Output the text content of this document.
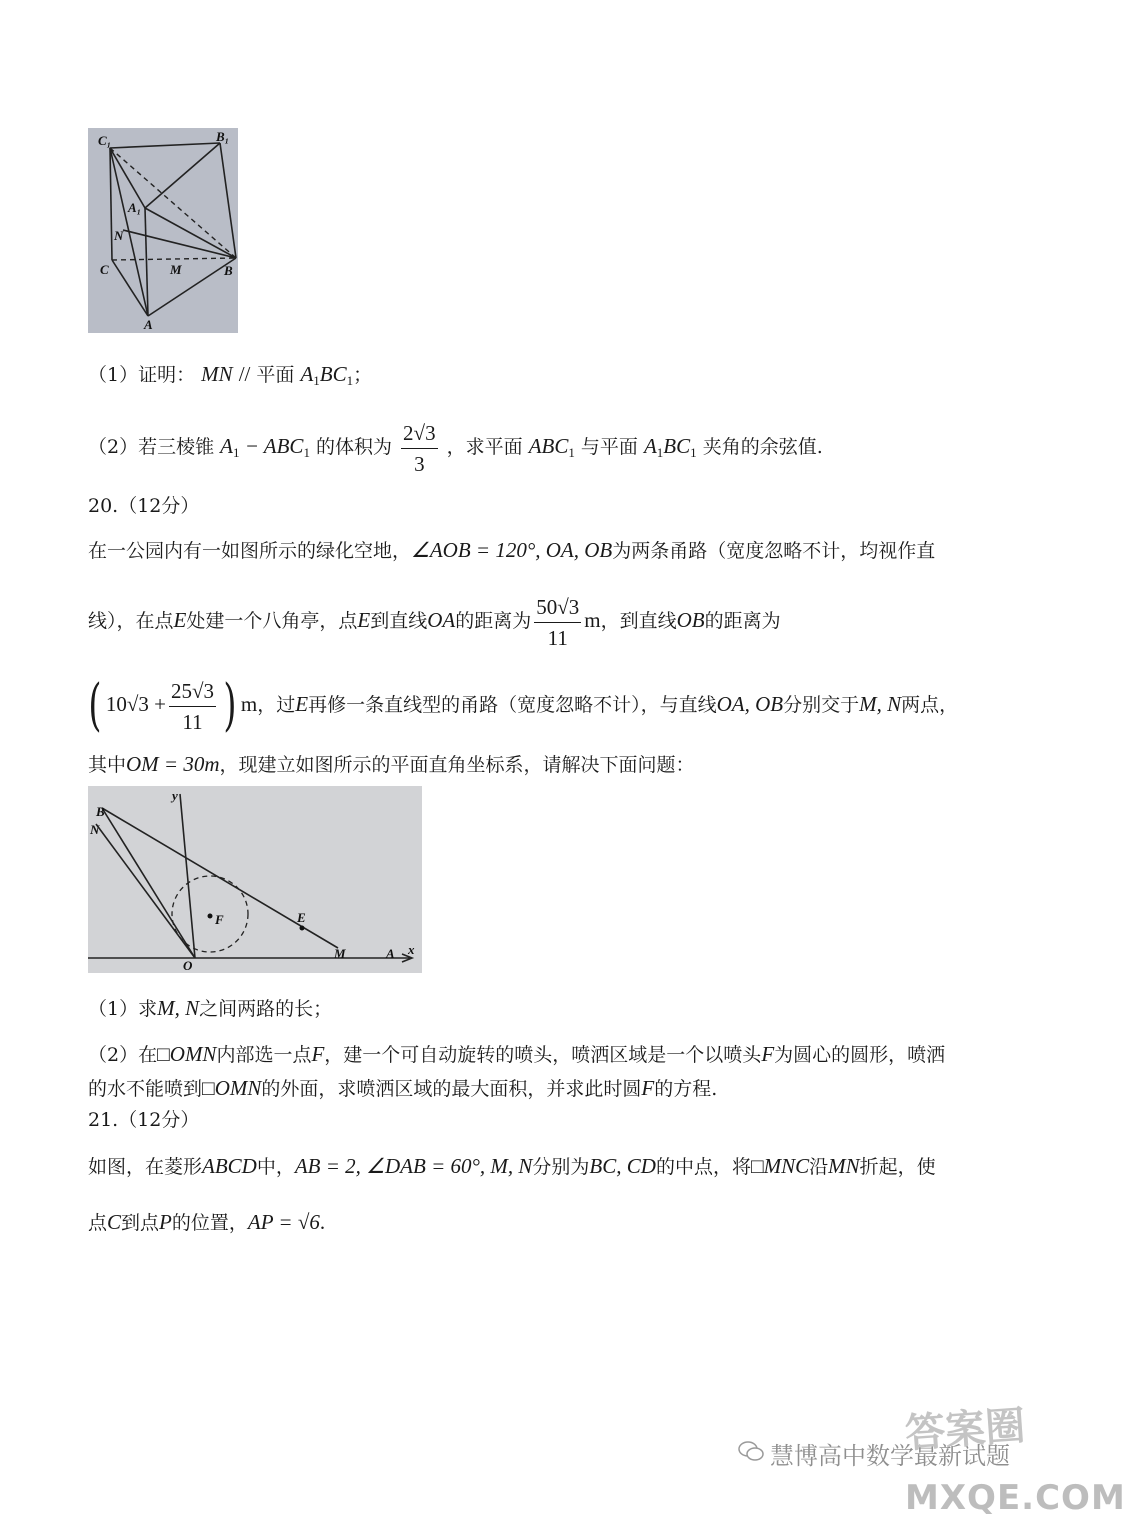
C₁	B₁
A₁
N
C	M	B
A
（1）证明： MN // 平面 $A_1BC_1$；
（2）若三棱锥 $A_1 - ABC_1$ 的体积为 $\frac{2√3}{3}$ ，求平面 $ABC_1$ 与平面 $A_1BC_1$ 夹角的余弦值.
20.（12分）
在一公园内有一如图所示的绿化空地，∠AOB = 120°, OA, OB为两条甬路（宽度忽略不计，均视作直
线），在点E处建一个八角亭，点E到直线OA的距离为 $\frac{50√3}{11}$ m，到直线OB的距离为
( $10√3 + \frac{25√3}{11}$ ) m，过E再修一条直线型的甬路（宽度忽略不计），与直线OA, OB分别交于M, N两点，
其中OM = 30m，现建立如图所示的平面直角坐标系，请解决下面问题：
B
N
y
F	E
O
M	A x
（1）求M, N之间两路的长；
（2）在□OMN内部选一点F，建一个可自动旋转的喷头，喷洒区域是一个以喷头F为圆心的圆形，喷洒
的水不能喷到□OMN的外面，求喷洒区域的最大面积，并求此时圆F的方程.
21.（12分）
如图，在菱形ABCD中，AB = 2, ∠DAB = 60°, M, N分别为BC, CD的中点，将□MNC沿MN折起，使
点C到点P的位置，AP = √6.
慧博高中数学最新试题
答案圈
MXQE.COM
